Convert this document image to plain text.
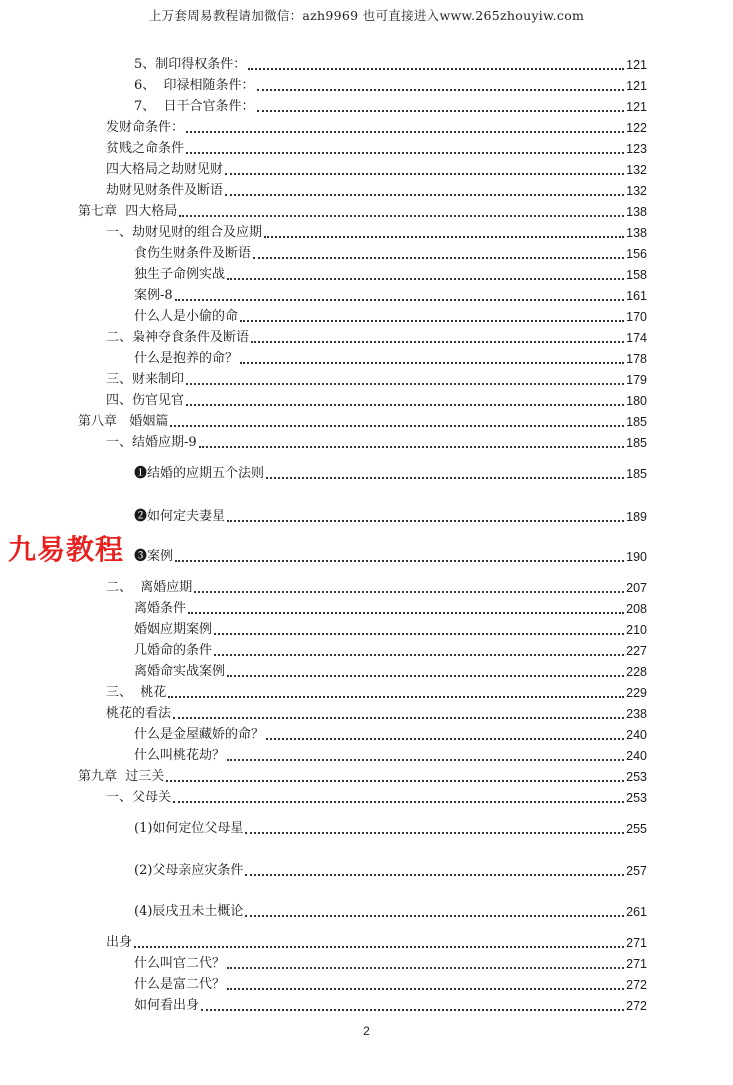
上万套周易教程请加微信：azh9969 也可直接进入www.265zhouyiw.com
5、制印得权条件：	121
6、  印禄相随条件：	121
7、  日干合官条件：	121
发财命条件：	122
贫贱之命条件	123
四大格局之劫财见财	132
劫财见财条件及断语	132
第七章  四大格局	138
一、劫财见财的组合及应期	138
食伤生财条件及断语	156
独生子命例实战	158
案例-8	161
什么人是小偷的命	170
二、枭神夺食条件及断语	174
什么是抱养的命？	178
三、财来制印	179
四、伤官见官	180
第八章   婚姻篇	185
一、结婚应期-9	185
❶结婚的应期五个法则	185
❷如何定夫妻星	189
❸案例	190
二、  离婚应期	207
离婚条件	208
婚姻应期案例	210
几婚命的条件	227
离婚命实战案例	228
三、  桃花	229
桃花的看法	238
什么是金屋藏娇的命？	240
什么叫桃花劫？	240
第九章  过三关	253
一、父母关	253
(1)如何定位父母星	255
(2)父母亲应灾条件	257
(4)辰戌丑未土概论	261
出身	271
什么叫官二代？	271
什么是富二代？	272
如何看出身	272
九易教程
2
